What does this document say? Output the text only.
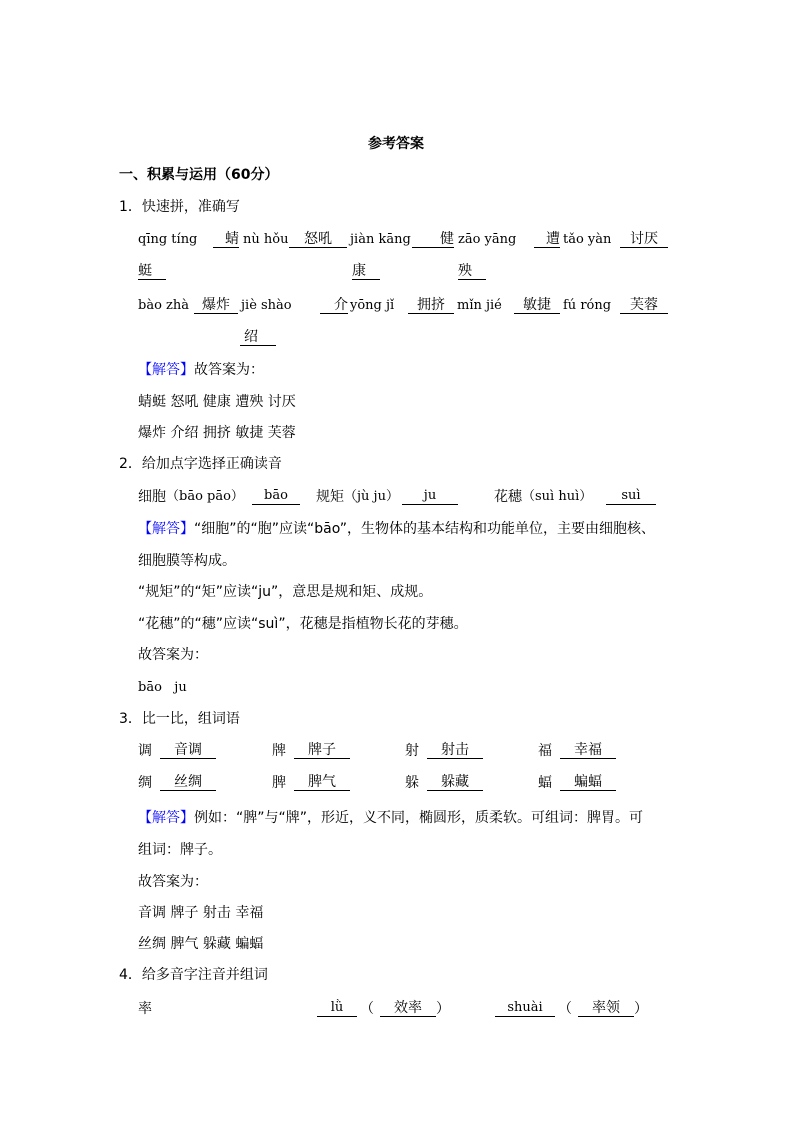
参考答案
一、积累与运用（60分）
1．快速拼，准确写
qīng tíng	蜻 nù hǒu	怒吼	jiàn kāng	健 zāo yāng	遭 tǎo yàn	讨厌
蜓	康	殃
bào zhà 爆炸 jiè shào	介 yōng jǐ	拥挤 mǐn jié	敏捷 fú róng	芙蓉
绍
【解答】故答案为：
蜻蜓 怒吼 健康 遭殃 讨厌
爆炸 介绍 拥挤 敏捷 芙蓉
2．给加点字选择正确读音
细胞 （bāo pāo）	bāo	规矩 （jù ju）	ju	花穗 （suì huì）	suì
【解答】“细胞”的“胞”应读“bāo”，生物体的基本结构和功能单位，主要由细胞核、
细胞膜等构成。
“规矩”的“矩”应读“ju”，意思是规和矩、成规。
“花穗”的“穗”应读“suì”，花穗是指植物长花的芽穗。
故答案为：
bāo   ju
3．比一比，组词语
调	音调	牌	牌子	射	射击	福	幸福
绸	丝绸	脾	脾气	躲	躲藏	蝠	蝙蝠
【解答】例如：“脾”与“牌”，形近，义不同，椭圆形，质柔软。可组词：脾胃。可
组词：牌子。
故答案为：
音调 牌子 射击 幸福
丝绸 脾气 躲藏 蝙蝠
4．给多音字注音并组词
率	lǜ	（	效率	）	shuài	（	率领	）
